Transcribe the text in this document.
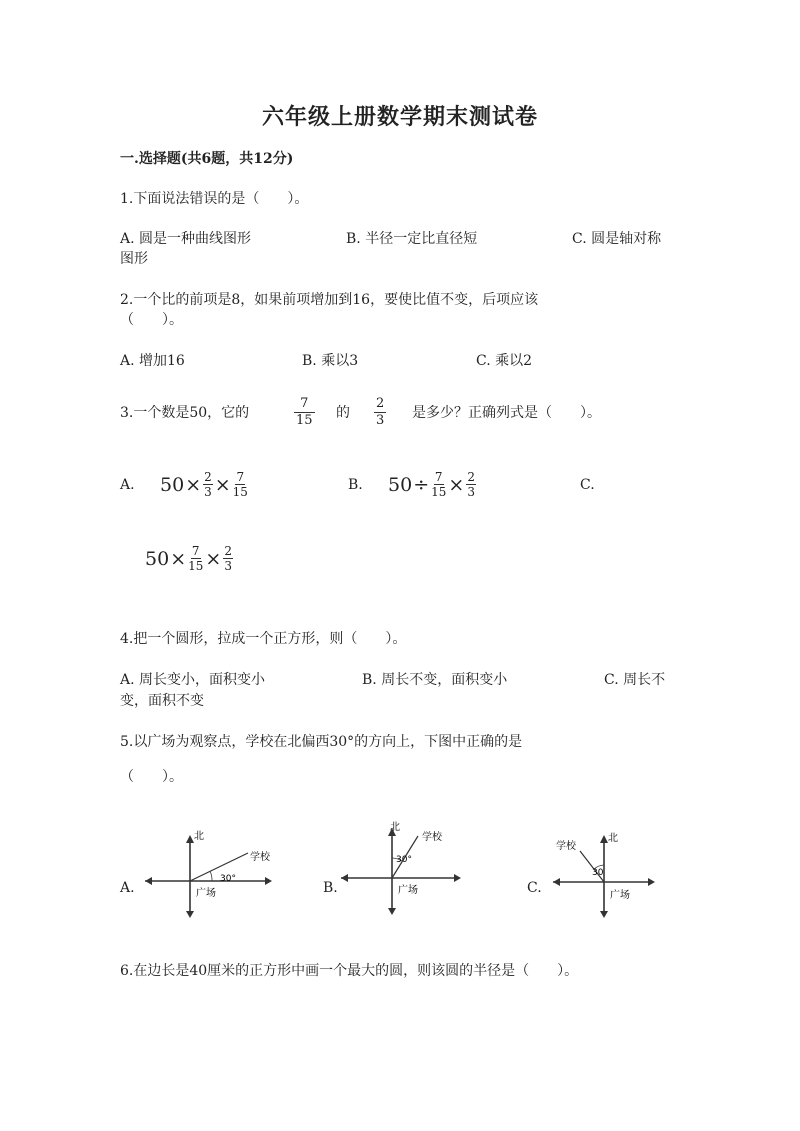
六年级上册数学期末测试卷
一.选择题(共6题，共12分)
1.下面说法错误的是（　　）。
A. 圆是一种曲线图形	B. 半径一定比直径短	C. 圆是轴对称
图形
2.一个比的前项是8，如果前项增加到16，要使比值不变，后项应该
（　　）。
A. 增加16	B. 乘以3	C. 乘以2
3.一个数是50，它的	$\frac{7}{15}$ 的 $\frac{2}{3}$ 是多少？正确列式是（　　）。
A. $50 \times \frac{2}{3} \times \frac{7}{15}$	B. $50 \div \frac{7}{15} \times \frac{2}{3}$	C.
$50 \times \frac{7}{15} \times \frac{2}{3}$
4.把一个圆形，拉成一个正方形，则（　　）。
A. 周长变小，面积变小	B. 周长不变，面积变小	C. 周长不
变，面积不变
5.以广场为观察点，学校在北偏西30°的方向上，下图中正确的是
（　　）。
A.
北
学校
30°
广场	B.
北
学校
30°
广场	C.
北
学校
30
广场
6.在边长是40厘米的正方形中画一个最大的圆，则该圆的半径是（　　）。
